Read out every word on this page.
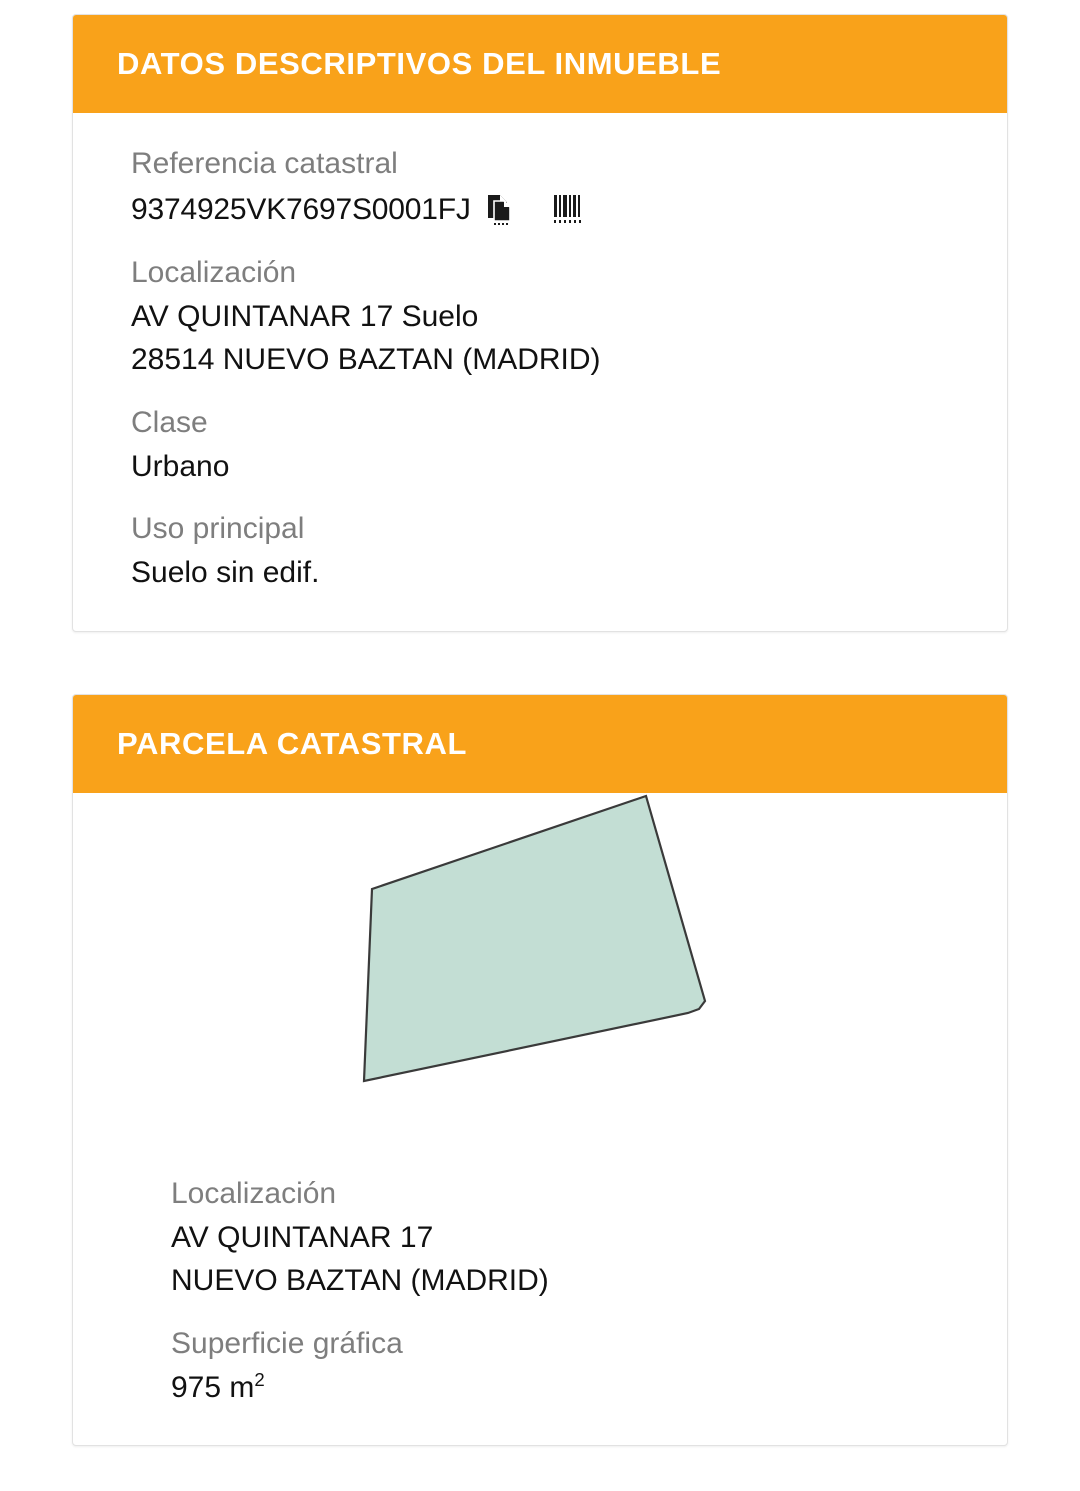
DATOS DESCRIPTIVOS DEL INMUEBLE
Referencia catastral
9374925VK7697S0001FJ
Localización
AV QUINTANAR 17 Suelo
28514 NUEVO BAZTAN (MADRID)
Clase
Urbano
Uso principal
Suelo sin edif.
PARCELA CATASTRAL
Localización
AV QUINTANAR 17
NUEVO BAZTAN (MADRID)
Superficie gráfica
975 $m^2$
